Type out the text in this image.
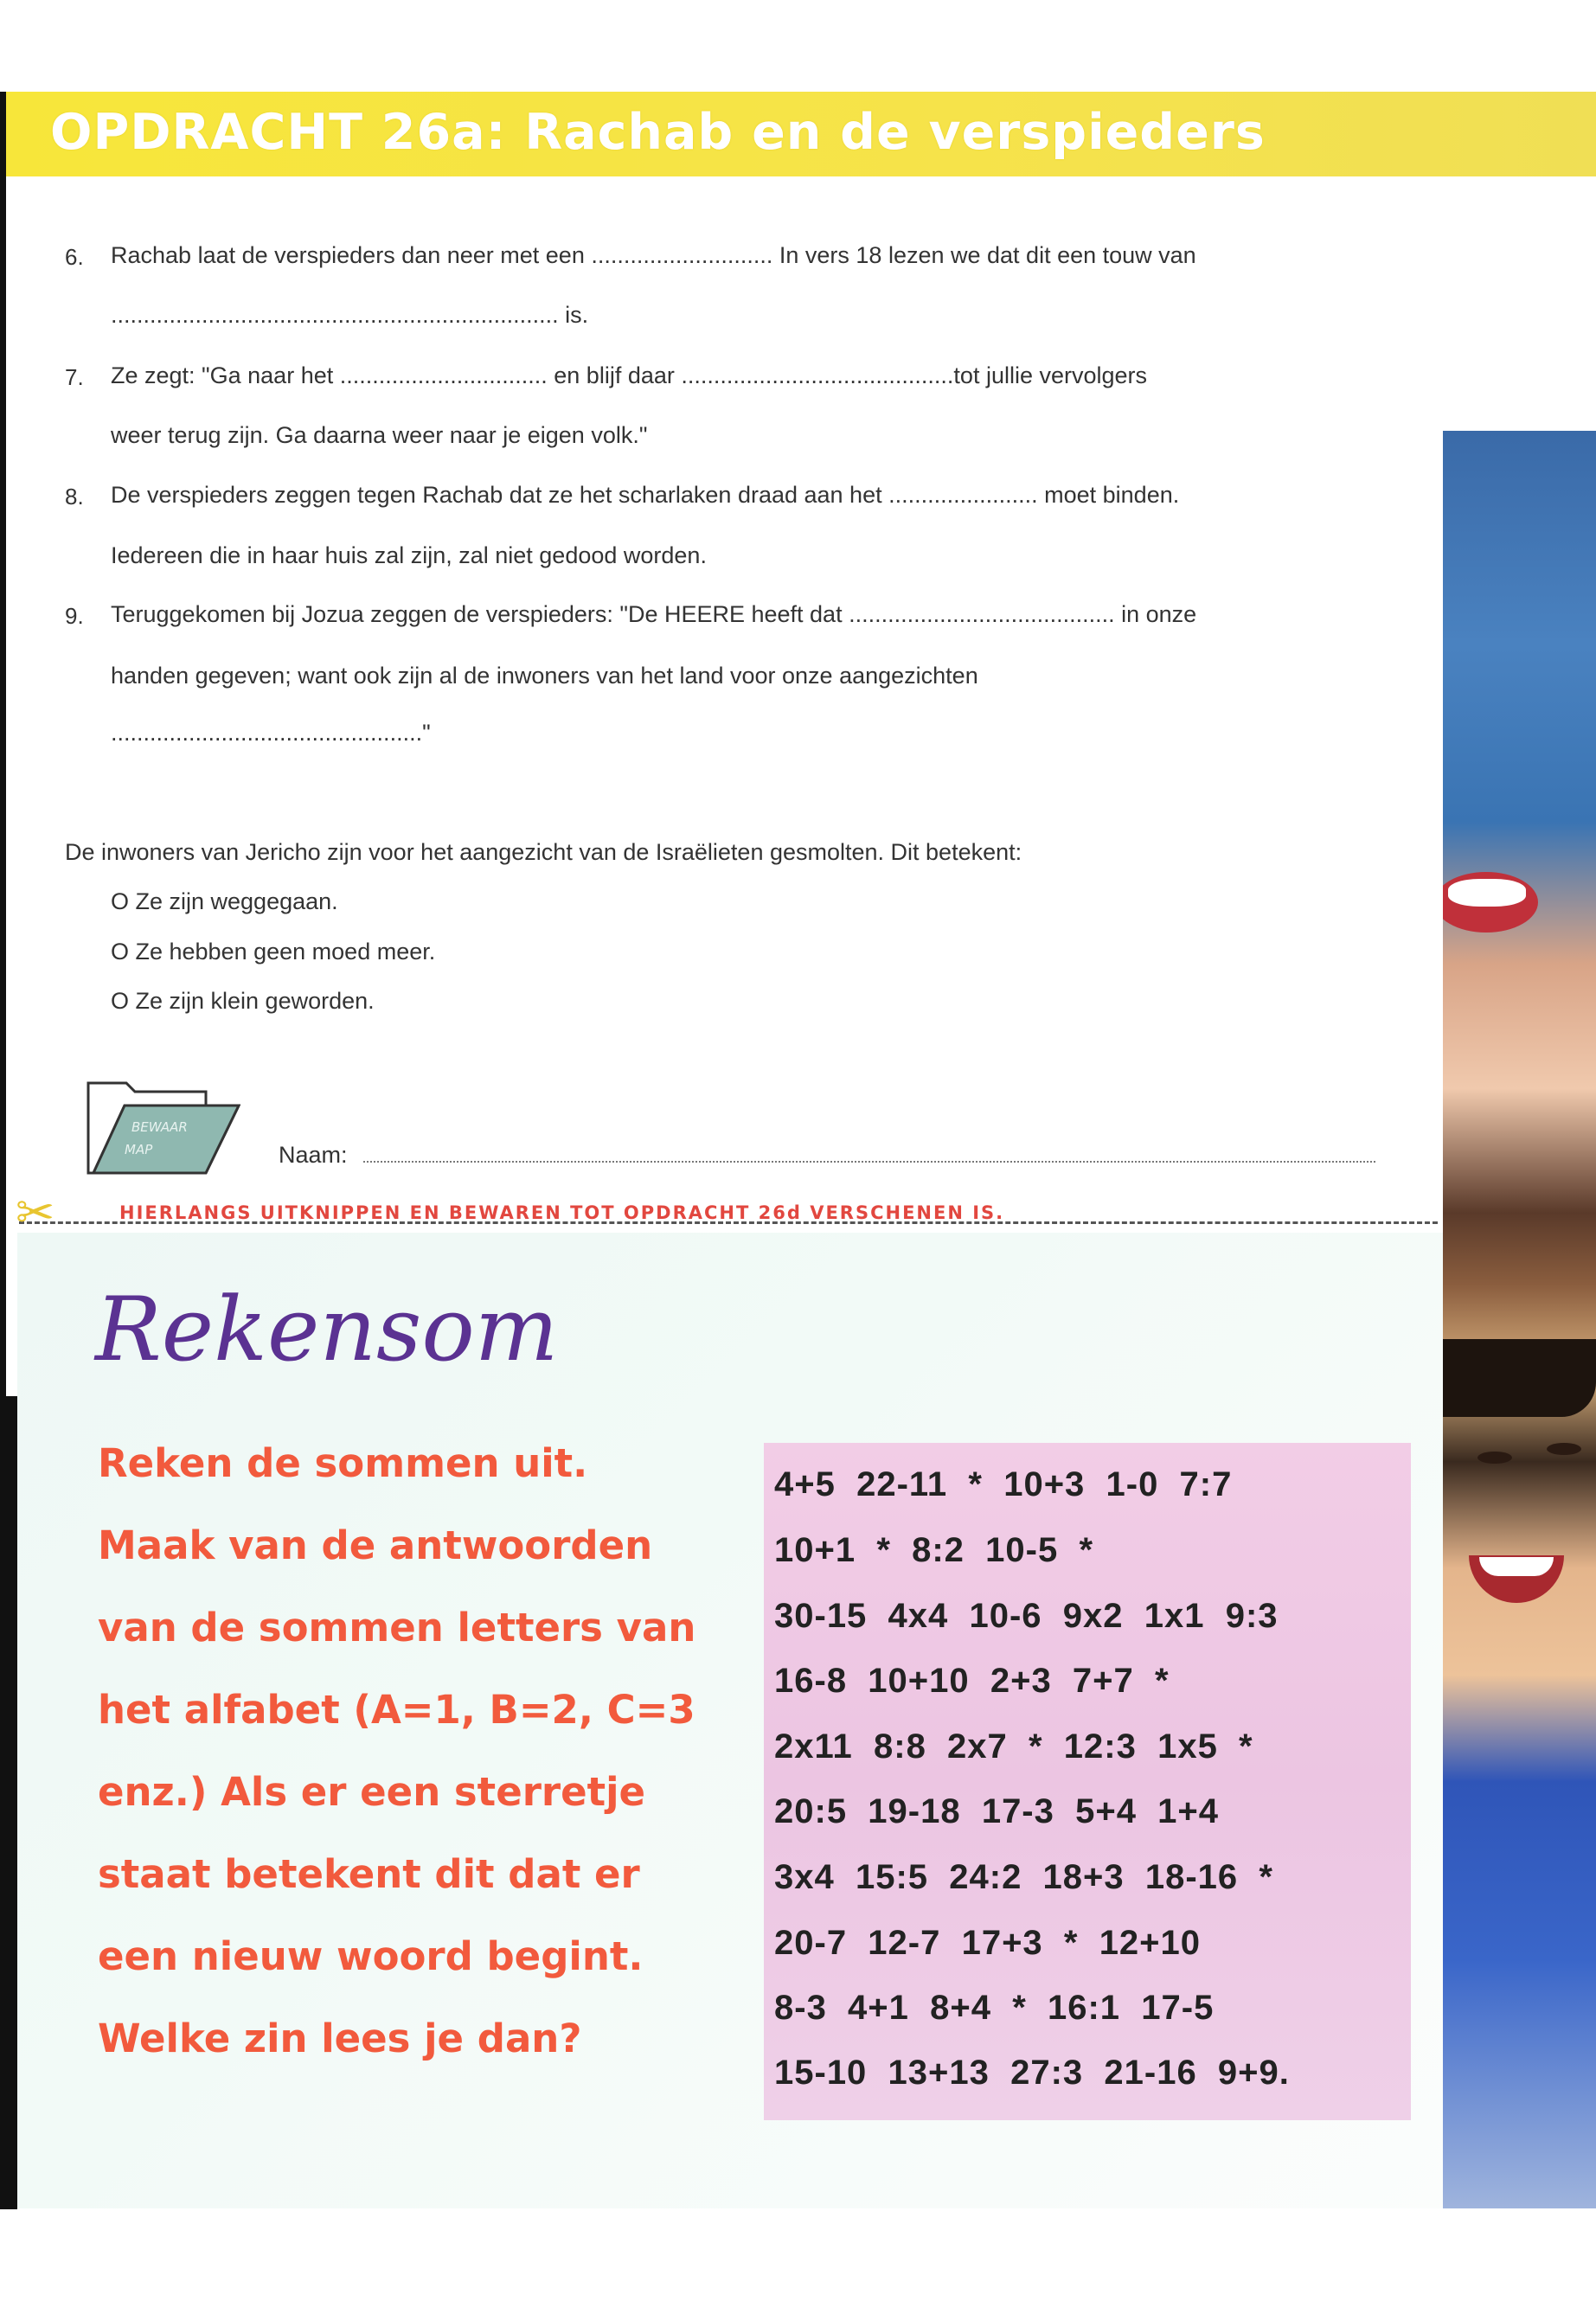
OPDRACHT 26a: Rachab en de verspieders
6. Rachab laat de verspieders dan neer met een ............................ In vers 18 lezen we dat dit een touw van
..................................................................... is.
7. Ze zegt: "Ga naar het ................................ en blijf daar ..........................................tot jullie vervolgers
weer terug zijn. Ga daarna weer naar je eigen volk."
8. De verspieders zeggen tegen Rachab dat ze het scharlaken draad aan het ....................... moet binden.
Iedereen die in haar huis zal zijn, zal niet gedood worden.
9. Teruggekomen bij Jozua zeggen de verspieders: "De HEERE heeft dat ......................................... in onze
handen gegeven; want ook zijn al de inwoners van het land voor onze aangezichten
................................................"
De inwoners van Jericho zijn voor het aangezicht van de Israëlieten gesmolten. Dit betekent:
O Ze zijn weggegaan.
O Ze hebben geen moed meer.
O Ze zijn klein geworden.
BEWAAR
MAP	Naam:
✂	HIERLANGS UITKNIPPEN EN BEWAREN TOT OPDRACHT 26d VERSCHENEN IS.
Rekensom
Reken de sommen uit.
Maak van de antwoorden
van de sommen letters van
het alfabet (A=1, B=2, C=3
enz.) Als er een sterretje
staat betekent dit dat er
een nieuw woord begint.
Welke zin lees je dan?
4+5  22-11  *  10+3  1-0  7:7
10+1  *  8:2  10-5  *
30-15  4x4  10-6  9x2  1x1  9:3
16-8  10+10  2+3  7+7  *
2x11  8:8  2x7  *  12:3  1x5  *
20:5  19-18  17-3  5+4  1+4
3x4  15:5  24:2  18+3  18-16  *
20-7  12-7  17+3  *  12+10
8-3  4+1  8+4  *  16:1  17-5
15-10  13+13  27:3  21-16  9+9.
